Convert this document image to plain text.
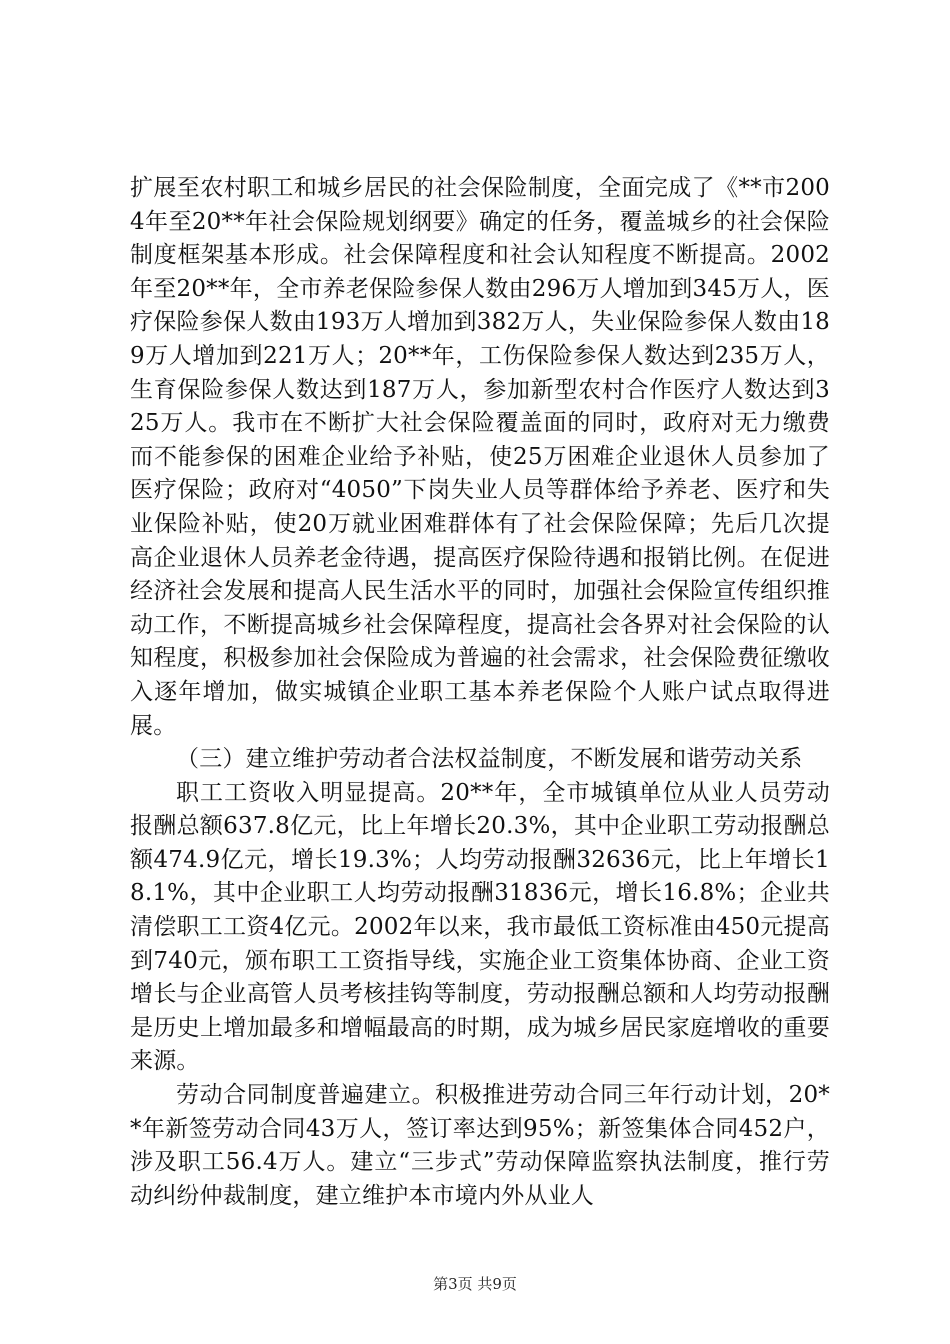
扩展至农村职工和城乡居民的社会保险制度，全面完成了《**市2004年至20**年社会保险规划纲要》确定的任务，覆盖城乡的社会保险制度框架基本形成。社会保障程度和社会认知程度不断提高。2002年至20**年，全市养老保险参保人数由296万人增加到345万人，医疗保险参保人数由193万人增加到382万人，失业保险参保人数由189万人增加到221万人；20**年，工伤保险参保人数达到235万人，生育保险参保人数达到187万人，参加新型农村合作医疗人数达到325万人。我市在不断扩大社会保险覆盖面的同时，政府对无力缴费而不能参保的困难企业给予补贴，使25万困难企业退休人员参加了医疗保险；政府对“4050”下岗失业人员等群体给予养老、医疗和失业保险补贴，使20万就业困难群体有了社会保险保障；先后几次提高企业退休人员养老金待遇，提高医疗保险待遇和报销比例。在促进经济社会发展和提高人民生活水平的同时，加强社会保险宣传组织推动工作，不断提高城乡社会保障程度，提高社会各界对社会保险的认知程度，积极参加社会保险成为普遍的社会需求，社会保险费征缴收入逐年增加，做实城镇企业职工基本养老保险个人账户试点取得进展。

（三）建立维护劳动者合法权益制度，不断发展和谐劳动关系

职工工资收入明显提高。20**年，全市城镇单位从业人员劳动报酬总额637.8亿元，比上年增长20.3%，其中企业职工劳动报酬总额474.9亿元，增长19.3%；人均劳动报酬32636元，比上年增长18.1%，其中企业职工人均劳动报酬31836元，增长16.8%；企业共清偿职工工资4亿元。2002年以来，我市最低工资标准由450元提高到740元，颁布职工工资指导线，实施企业工资集体协商、企业工资增长与企业高管人员考核挂钩等制度，劳动报酬总额和人均劳动报酬是历史上增加最多和增幅最高的时期，成为城乡居民家庭增收的重要来源。

劳动合同制度普遍建立。积极推进劳动合同三年行动计划，20**年新签劳动合同43万人，签订率达到95%；新签集体合同452户，涉及职工56.4万人。建立“三步式”劳动保障监察执法制度，推行劳动纠纷仲裁制度，建立维护本市境内外从业人

第3页 共9页
